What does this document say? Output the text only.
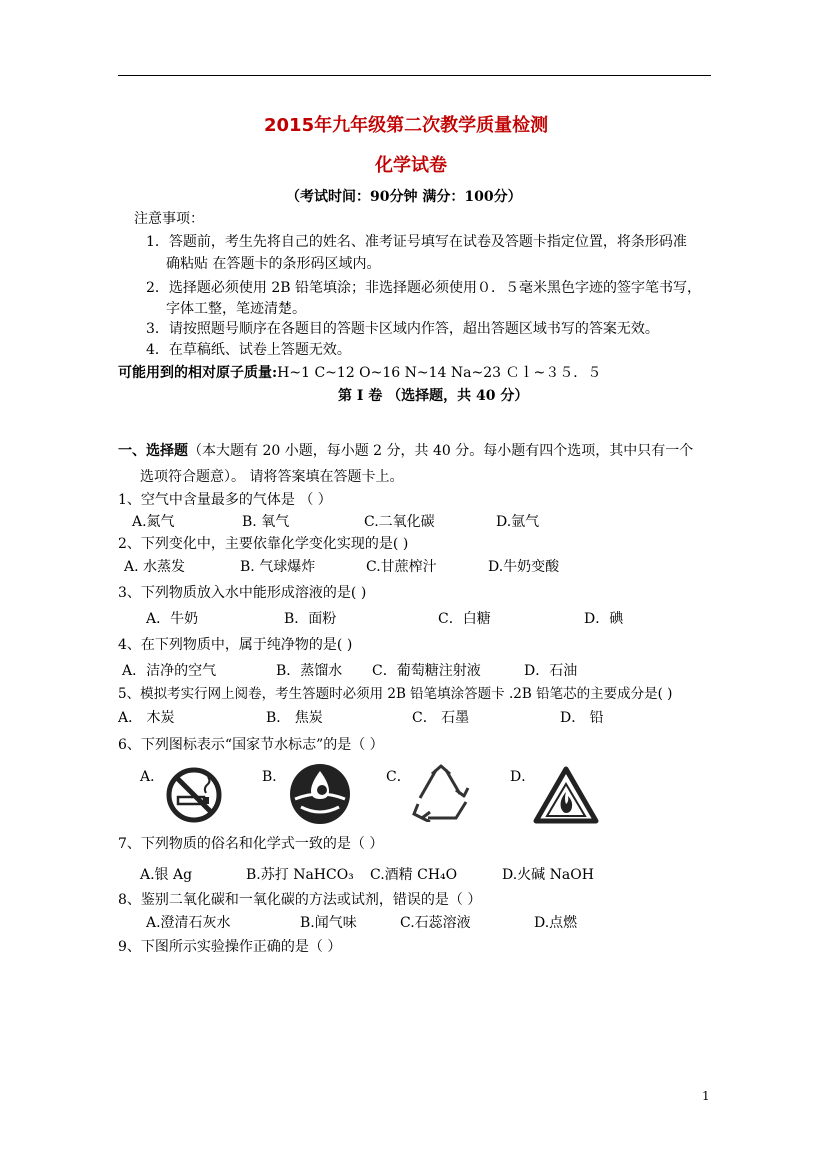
2015年九年级第二次教学质量检测
化学试卷
（考试时间：90分钟 满分：100分）
注意事项：
1．答题前，考生先将自己的姓名、准考证号填写在试卷及答题卡指定位置，将条形码准
确粘贴 在答题卡的条形码区域内。
2．选择题必须使用 2B 铅笔填涂；非选择题必须使用０．５毫米黑色字迹的签字笔书写，
字体工整，笔迹清楚。
3．请按照题号顺序在各题目的答题卡区域内作答，超出答题区域书写的答案无效。
4．在草稿纸、试卷上答题无效。
可能用到的相对原子质量:H~1 C~12 O~16 N~14 Na~23 Ｃｌ~３５．５
第 I 卷 （选择题，共 40 分）
一、选择题（本大题有 20 小题，每小题 2 分，共 40 分。每小题有四个选项，其中只有一个
选项符合题意）。 请将答案填在答题卡上。
1、空气中含量最多的气体是 （ ）
A.氮气	B. 氧气	C.二氧化碳	D.氩气
2、下列变化中，主要依靠化学变化实现的是( )
A. 水蒸发	B. 气球爆炸	C.甘蔗榨汁	D.牛奶变酸
3、下列物质放入水中能形成溶液的是( )
A．牛奶	B．面粉	C．白糖	D．碘
4、在下列物质中，属于纯净物的是( )
A．洁净的空气	B．蒸馏水 C．葡萄糖注射液	D．石油
5、模拟考实行网上阅卷，考生答题时必须用 2B 铅笔填涂答题卡 .2B 铅笔芯的主要成分是( )
A． 木炭	B． 焦炭	C． 石墨	D． 铅
6、下列图标表示“国家节水标志”的是（ ）
A．	B．	C．	D．
7、下列物质的俗名和化学式一致的是（ ）
A.银 Ag	B.苏打 NaHCO₃ C.酒精 CH₄O	D.火碱 NaOH
8、鉴别二氧化碳和一氧化碳的方法或试剂，错误的是（ ）
A.澄清石灰水	B.闻气味	C.石蕊溶液	D.点燃
9、下图所示实验操作正确的是（ ）
1
